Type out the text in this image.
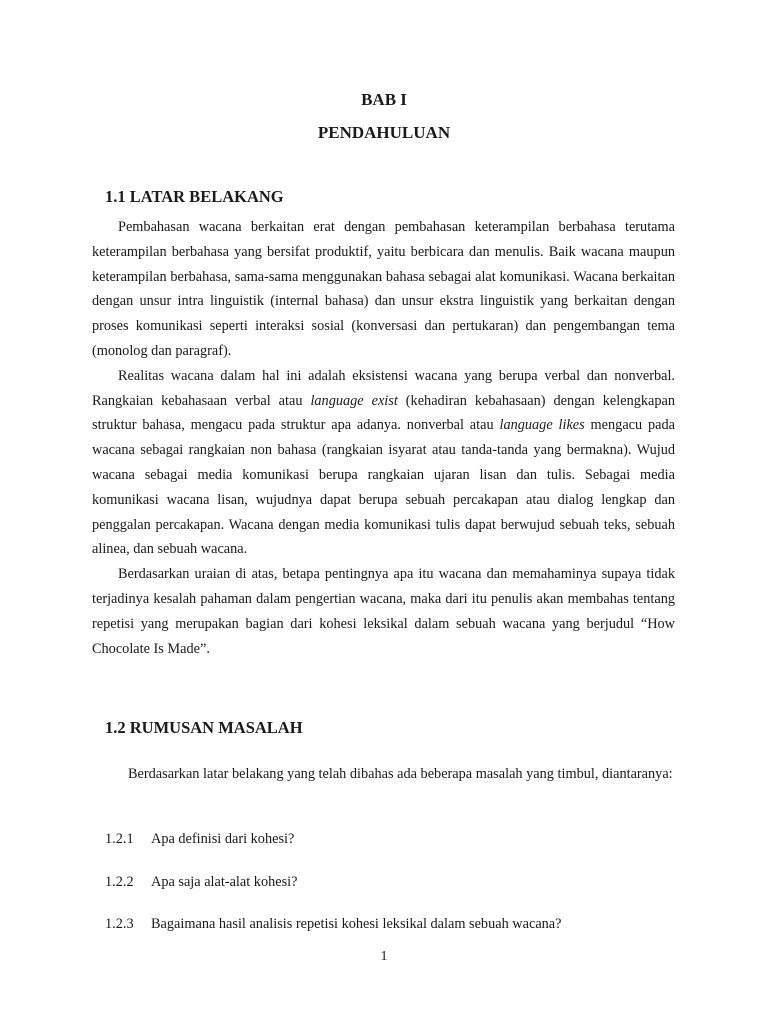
BAB I
PENDAHULUAN
1.1 LATAR BELAKANG

Pembahasan wacana berkaitan erat dengan pembahasan keterampilan berbahasa terutama keterampilan berbahasa yang bersifat produktif, yaitu berbicara dan menulis. Baik wacana maupun keterampilan berbahasa, sama-sama menggunakan bahasa sebagai alat komunikasi. Wacana berkaitan dengan unsur intra linguistik (internal bahasa) dan unsur ekstra linguistik yang berkaitan dengan proses komunikasi seperti interaksi sosial (konversasi dan pertukaran) dan pengembangan tema (monolog dan paragraf).

Realitas wacana dalam hal ini adalah eksistensi wacana yang berupa verbal dan nonverbal. Rangkaian kebahasaan verbal atau language exist (kehadiran kebahasaan) dengan kelengkapan struktur bahasa, mengacu pada struktur apa adanya. nonverbal atau language likes mengacu pada wacana sebagai rangkaian non bahasa (rangkaian isyarat atau tanda-tanda yang bermakna). Wujud wacana sebagai media komunikasi berupa rangkaian ujaran lisan dan tulis. Sebagai media komunikasi wacana lisan, wujudnya dapat berupa sebuah percakapan atau dialog lengkap dan penggalan percakapan. Wacana dengan media komunikasi tulis dapat berwujud sebuah teks, sebuah alinea, dan sebuah wacana.

Berdasarkan uraian di atas, betapa pentingnya apa itu wacana dan memahaminya supaya tidak terjadinya kesalah pahaman dalam pengertian wacana, maka dari itu penulis akan membahas tentang repetisi yang merupakan bagian dari kohesi leksikal dalam sebuah wacana yang berjudul “How Chocolate Is Made”.

1.2 RUMUSAN MASALAH

Berdasarkan latar belakang yang telah dibahas ada beberapa masalah yang timbul, diantaranya:

1.2.1 Apa definisi dari kohesi?
1.2.2 Apa saja alat-alat kohesi?
1.2.3 Bagaimana hasil analisis repetisi kohesi leksikal dalam sebuah wacana?
1
